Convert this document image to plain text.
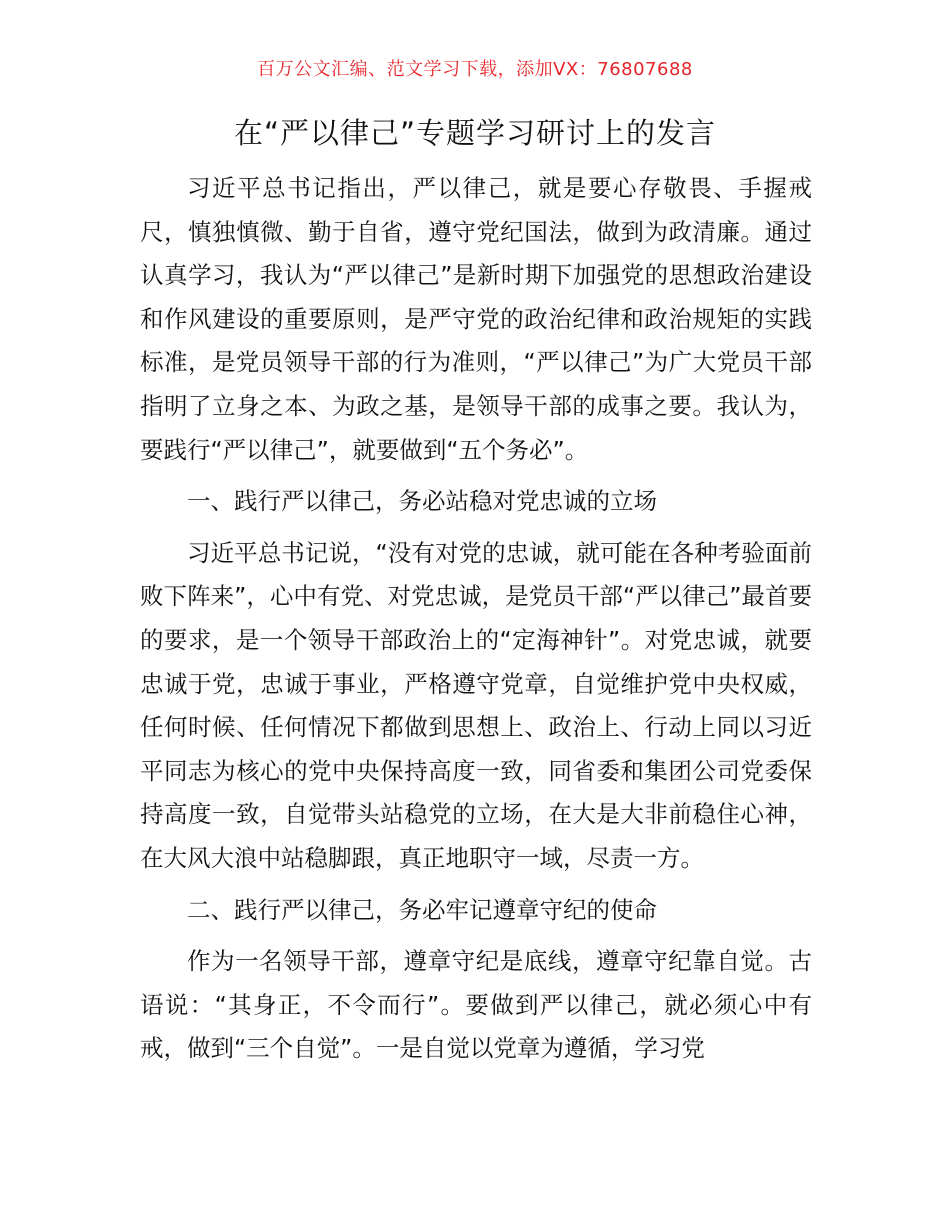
百万公文汇编、范文学习下载，添加VX：76807688
在“严以律己”专题学习研讨上的发言

习近平总书记指出，严以律己，就是要心存敬畏、手握戒尺，慎独慎微、勤于自省，遵守党纪国法，做到为政清廉。通过认真学习，我认为“严以律己”是新时期下加强党的思想政治建设和作风建设的重要原则，是严守党的政治纪律和政治规矩的实践标准，是党员领导干部的行为准则，“严以律己”为广大党员干部指明了立身之本、为政之基，是领导干部的成事之要。我认为，要践行“严以律己”，就要做到“五个务必”。

一、践行严以律己，务必站稳对党忠诚的立场

习近平总书记说，“没有对党的忠诚，就可能在各种考验面前败下阵来”，心中有党、对党忠诚，是党员干部“严以律己”最首要的要求，是一个领导干部政治上的“定海神针”。对党忠诚，就要忠诚于党，忠诚于事业，严格遵守党章，自觉维护党中央权威，任何时候、任何情况下都做到思想上、政治上、行动上同以习近平同志为核心的党中央保持高度一致，同省委和集团公司党委保持高度一致，自觉带头站稳党的立场，在大是大非前稳住心神，在大风大浪中站稳脚跟，真正地职守一域，尽责一方。

二、践行严以律己，务必牢记遵章守纪的使命

作为一名领导干部，遵章守纪是底线，遵章守纪靠自觉。古语说：“其身正，不令而行”。要做到严以律己，就必须心中有戒，做到“三个自觉”。一是自觉以党章为遵循，学习党
